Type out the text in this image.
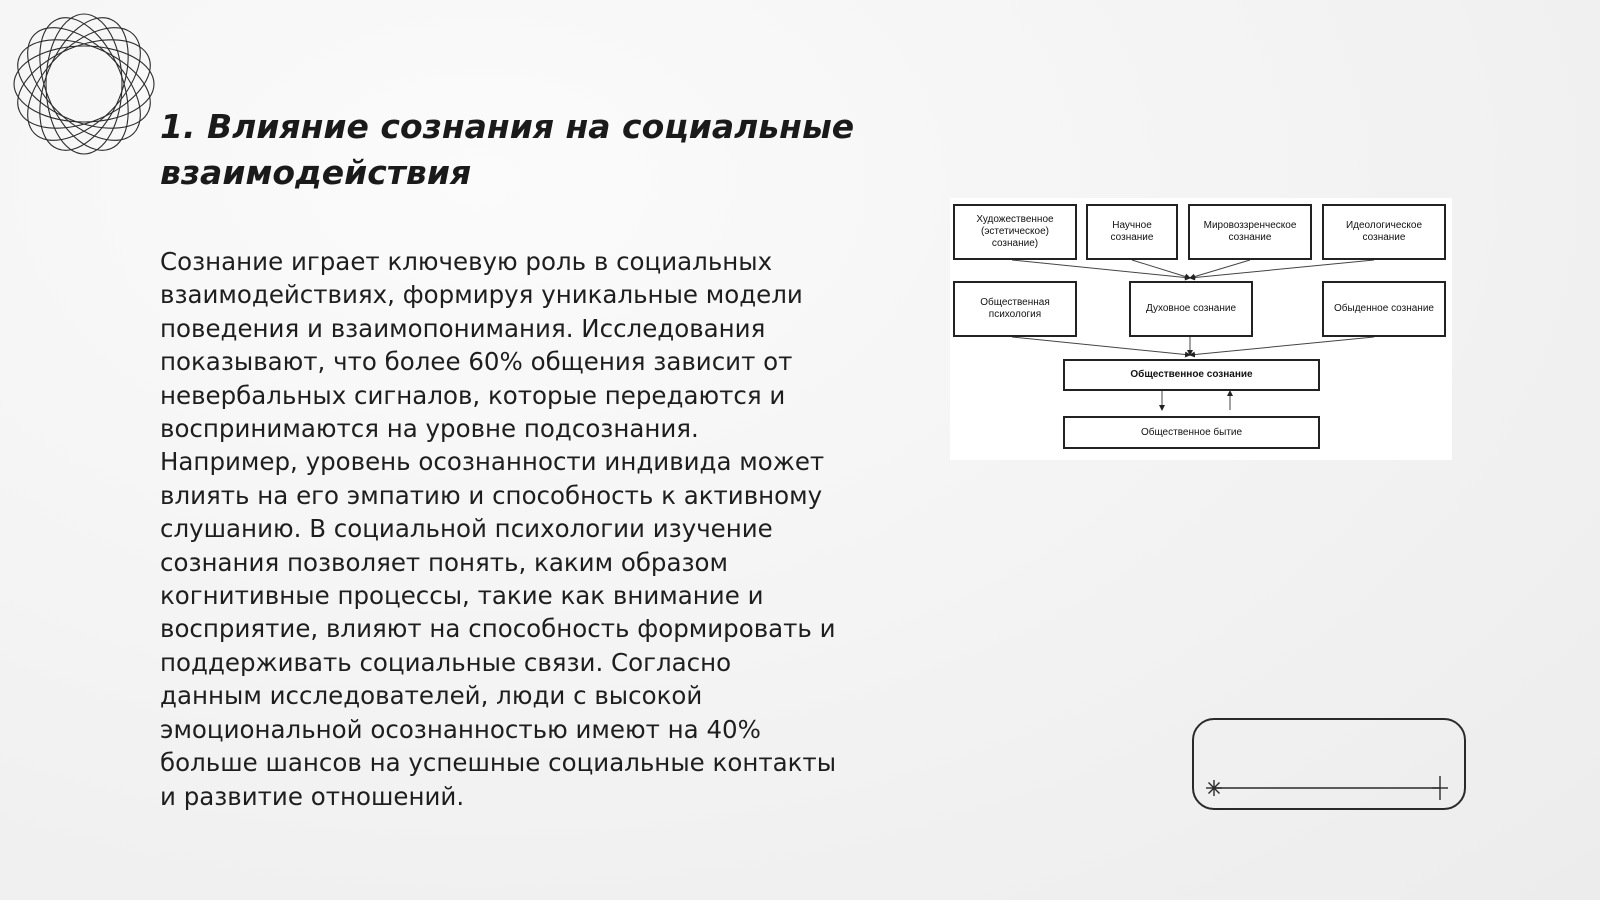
1. Влияние сознания на социальные взаимодействия

Сознание играет ключевую роль в социальных взаимодействиях, формируя уникальные модели поведения и взаимопонимания. Исследования показывают, что более 60% общения зависит от невербальных сигналов, которые передаются и воспринимаются на уровне подсознания. Например, уровень осознанности индивида может влиять на его эмпатию и способность к активному слушанию. В социальной психологии изучение сознания позволяет понять, каким образом когнитивные процессы, такие как внимание и восприятие, влияют на способность формировать и поддерживать социальные связи. Согласно данным исследователей, люди с высокой эмоциональной осознанностью имеют на 40% больше шансов на успешные социальные контакты и развитие отношений.

Художественное
(эстетическое)
сознание)
Научное
сознание
Мировоззренческое
сознание
Идеологическое
сознание
Общественная
психология
Духовное сознание	Обыденное сознание
Общественное сознание
Общественное бытие
